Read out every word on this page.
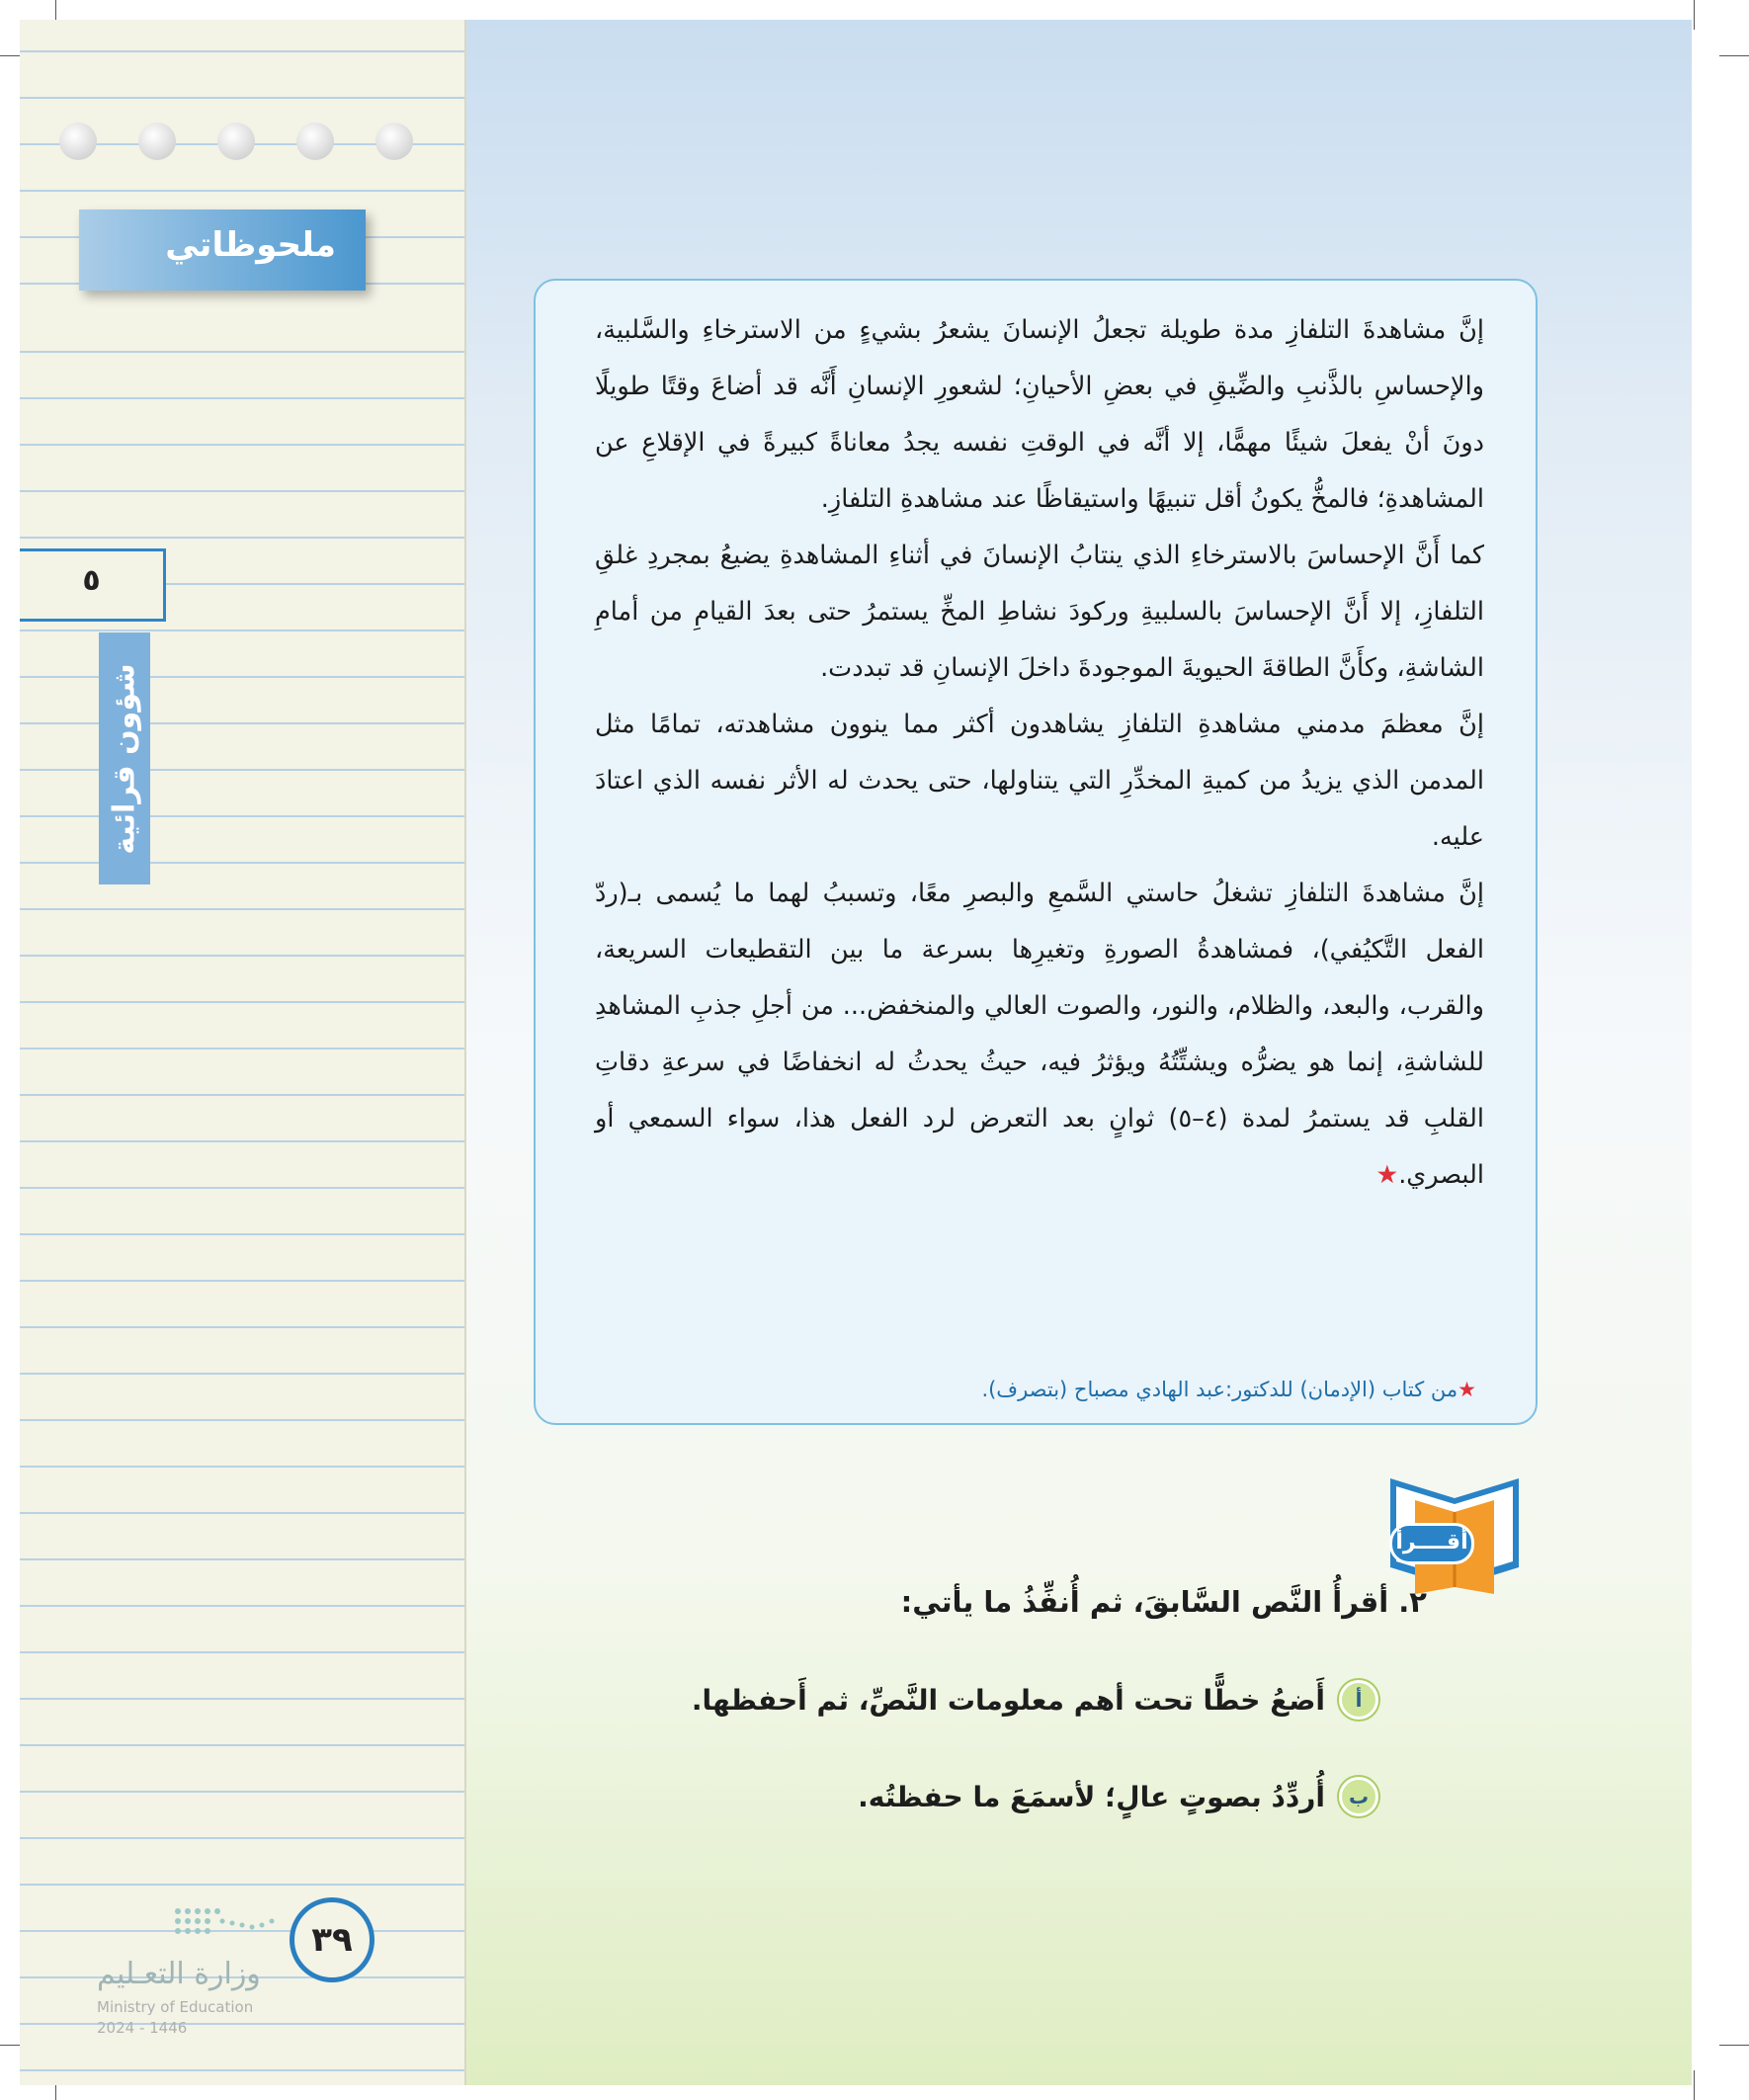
ملحوظاتي
٥
شؤون قرائية
٣٩
وزارة التعـليم
Ministry of Education
2024 - 1446

إنَّ مشاهدةَ التلفازِ مدة طويلة تجعلُ الإنسانَ يشعرُ بشيءٍ من الاسترخاءِ والسَّلبية، والإحساسِ بالذَّنبِ والضِّيقِ في بعضِ الأحيانِ؛ لشعورِ الإنسانِ أَنَّه قد أضاعَ وقتًا طويلًا دونَ أنْ يفعلَ شيئًا مهمًّا، إلا أنَّه في الوقتِ نفسه يجدُ معاناةً كبيرةً في الإقلاعِ عن المشاهدةِ؛ فالمخُّ يكونُ أقل تنبيهًا واستيقاظًا عند مشاهدةِ التلفازِ.

كما أَنَّ الإحساسَ بالاسترخاءِ الذي ينتابُ الإنسانَ في أثناءِ المشاهدةِ يضيعُ بمجردِ غلقِ التلفازِ، إلا أَنَّ الإحساسَ بالسلبيةِ وركودَ نشاطِ المخِّ يستمرُ حتى بعدَ القيامِ من أمامِ الشاشةِ، وكأَنَّ الطاقةَ الحيويةَ الموجودةَ داخلَ الإنسانِ قد تبددت.

إنَّ معظمَ مدمني مشاهدةِ التلفازِ يشاهدون أكثر مما ينوون مشاهدته، تمامًا مثل المدمن الذي يزيدُ من كميةِ المخدِّرِ التي يتناولها، حتى يحدث له الأثر نفسه الذي اعتادَ عليه.

إنَّ مشاهدةَ التلفازِ تشغلُ حاستي السَّمعِ والبصرِ معًا، وتسببُ لهما ما يُسمى بـ(ردّ الفعل التَّكيُفي)، فمشاهدةُ الصورةِ وتغيرِها بسرعة ما بين التقطيعات السريعة، والقرب، والبعد، والظلام، والنور، والصوت العالي والمنخفض... من أجلِ جذبِ المشاهدِ للشاشةِ، إنما هو يضرُّه ويشتِّتُهُ ويؤثرُ فيه، حيثُ يحدثُ له انخفاضًا في سرعةِ دقاتِ القلبِ قد يستمرُ لمدة (٤–٥) ثوانٍ بعد التعرض لرد الفعل هذا، سواء السمعي أو البصري.★

★من كتاب (الإدمان) للدكتور:عبد الهادي مصباح (بتصرف).

أقــــرأ

٢. أقرأُ النَّص السَّابقَ، ثم أُنفِّذُ ما يأتي:

أ
أَضعُ خطًّا تحت أهم معلومات النَّصِّ، ثم أَحفظها.
ب
أُردِّدُ بصوتٍ عالٍ؛ لأسمَعَ ما حفظتُه.
